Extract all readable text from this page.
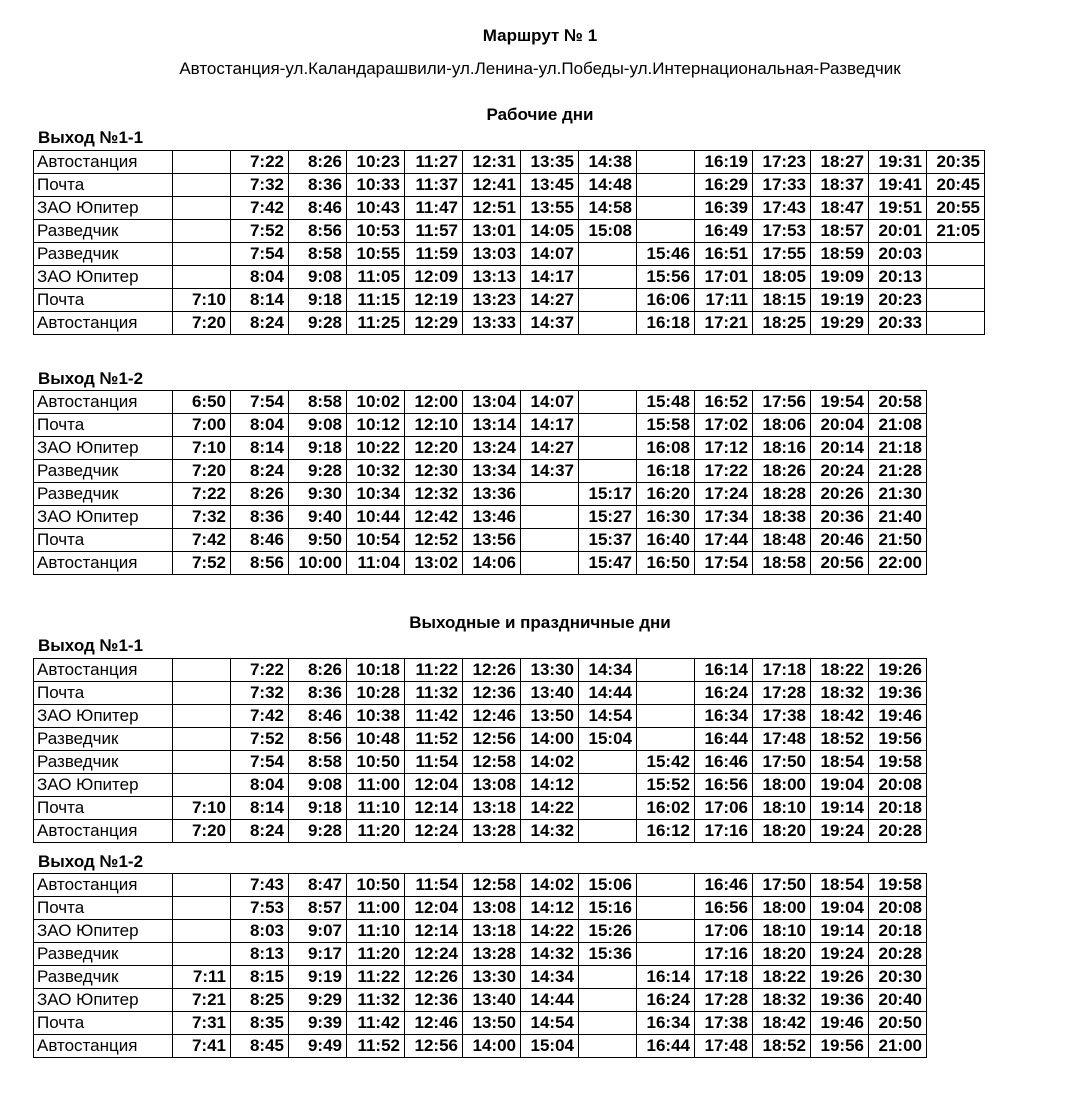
Маршрут № 1
Автостанция-ул.Каландарашвили-ул.Ленина-ул.Победы-ул.Интернациональная-Разведчик
Рабочие дни
Выход №1-1
Автостанция		7:22	8:26	10:23	11:27	12:31	13:35	14:38		16:19	17:23	18:27	19:31	20:35
Почта		7:32	8:36	10:33	11:37	12:41	13:45	14:48		16:29	17:33	18:37	19:41	20:45
ЗАО Юпитер		7:42	8:46	10:43	11:47	12:51	13:55	14:58		16:39	17:43	18:47	19:51	20:55
Разведчик		7:52	8:56	10:53	11:57	13:01	14:05	15:08		16:49	17:53	18:57	20:01	21:05
Разведчик		7:54	8:58	10:55	11:59	13:03	14:07		15:46	16:51	17:55	18:59	20:03	
ЗАО Юпитер		8:04	9:08	11:05	12:09	13:13	14:17		15:56	17:01	18:05	19:09	20:13	
Почта	7:10	8:14	9:18	11:15	12:19	13:23	14:27		16:06	17:11	18:15	19:19	20:23	
Автостанция	7:20	8:24	9:28	11:25	12:29	13:33	14:37		16:18	17:21	18:25	19:29	20:33	
Выход №1-2
Автостанция	6:50	7:54	8:58	10:02	12:00	13:04	14:07		15:48	16:52	17:56	19:54	20:58
Почта	7:00	8:04	9:08	10:12	12:10	13:14	14:17		15:58	17:02	18:06	20:04	21:08
ЗАО Юпитер	7:10	8:14	9:18	10:22	12:20	13:24	14:27		16:08	17:12	18:16	20:14	21:18
Разведчик	7:20	8:24	9:28	10:32	12:30	13:34	14:37		16:18	17:22	18:26	20:24	21:28
Разведчик	7:22	8:26	9:30	10:34	12:32	13:36		15:17	16:20	17:24	18:28	20:26	21:30
ЗАО Юпитер	7:32	8:36	9:40	10:44	12:42	13:46		15:27	16:30	17:34	18:38	20:36	21:40
Почта	7:42	8:46	9:50	10:54	12:52	13:56		15:37	16:40	17:44	18:48	20:46	21:50
Автостанция	7:52	8:56	10:00	11:04	13:02	14:06		15:47	16:50	17:54	18:58	20:56	22:00
Выходные и праздничные дни
Выход №1-1
Автостанция		7:22	8:26	10:18	11:22	12:26	13:30	14:34		16:14	17:18	18:22	19:26
Почта		7:32	8:36	10:28	11:32	12:36	13:40	14:44		16:24	17:28	18:32	19:36
ЗАО Юпитер		7:42	8:46	10:38	11:42	12:46	13:50	14:54		16:34	17:38	18:42	19:46
Разведчик		7:52	8:56	10:48	11:52	12:56	14:00	15:04		16:44	17:48	18:52	19:56
Разведчик		7:54	8:58	10:50	11:54	12:58	14:02		15:42	16:46	17:50	18:54	19:58
ЗАО Юпитер		8:04	9:08	11:00	12:04	13:08	14:12		15:52	16:56	18:00	19:04	20:08
Почта	7:10	8:14	9:18	11:10	12:14	13:18	14:22		16:02	17:06	18:10	19:14	20:18
Автостанция	7:20	8:24	9:28	11:20	12:24	13:28	14:32		16:12	17:16	18:20	19:24	20:28
Выход №1-2
Автостанция		7:43	8:47	10:50	11:54	12:58	14:02	15:06		16:46	17:50	18:54	19:58
Почта		7:53	8:57	11:00	12:04	13:08	14:12	15:16		16:56	18:00	19:04	20:08
ЗАО Юпитер		8:03	9:07	11:10	12:14	13:18	14:22	15:26		17:06	18:10	19:14	20:18
Разведчик		8:13	9:17	11:20	12:24	13:28	14:32	15:36		17:16	18:20	19:24	20:28
Разведчик	7:11	8:15	9:19	11:22	12:26	13:30	14:34		16:14	17:18	18:22	19:26	20:30
ЗАО Юпитер	7:21	8:25	9:29	11:32	12:36	13:40	14:44		16:24	17:28	18:32	19:36	20:40
Почта	7:31	8:35	9:39	11:42	12:46	13:50	14:54		16:34	17:38	18:42	19:46	20:50
Автостанция	7:41	8:45	9:49	11:52	12:56	14:00	15:04		16:44	17:48	18:52	19:56	21:00
